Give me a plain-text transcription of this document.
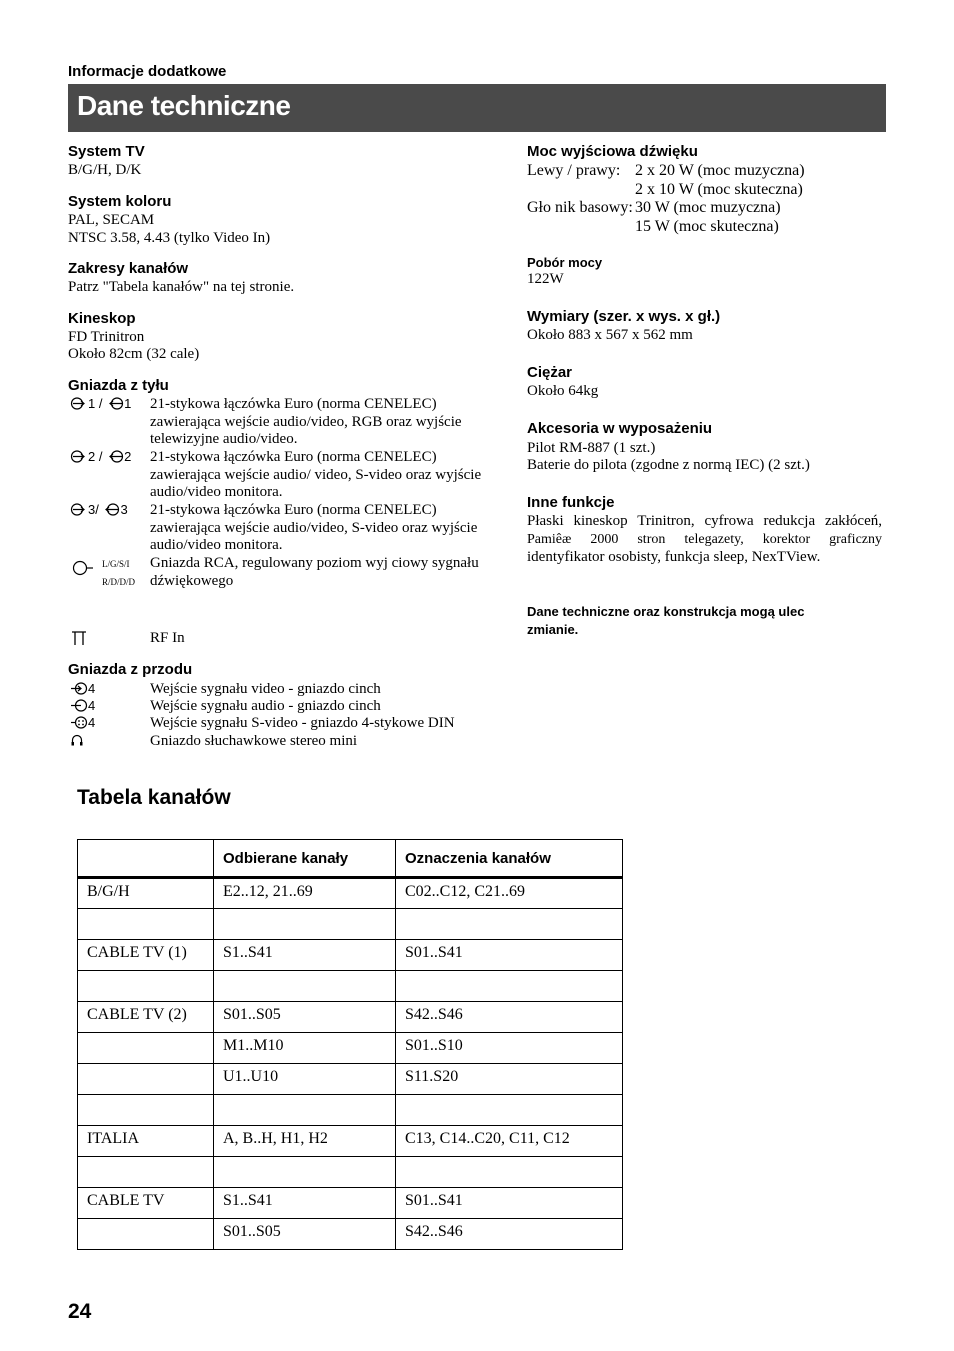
Informacje dodatkowe
Dane techniczne
System TV
B/G/H, D/K
System koloru
PAL, SECAM
NTSC 3.58, 4.43 (tylko Video In)
Zakresy kanałów
Patrz "Tabela kanałów" na tej stronie.
Kineskop
FD Trinitron
Około 82cm (32 cale)
Gniazda z tyłu
1 / 1 21-stykowa łączówka Euro (norma CENELEC) zawierająca wejście audio/video, RGB oraz wyjście telewizyjne audio/video.
2 / 2 21-stykowa łączówka Euro (norma CENELEC) zawierająca wejście audio/ video, S-video oraz wyjście audio/video monitora.
3/ 3 21-stykowa łączówka Euro (norma CENELEC) zawierająca wejście audio/video, S-video oraz wyjście audio/video monitora.
L/G/S/I
R/D/D/D
Gniazda RCA, regulowany poziom wyj ciowy sygnału dźwiękowego
RF In
Gniazda z przodu
4	Wejście sygnału video - gniazdo cinch
4	Wejście sygnału audio - gniazdo cinch
4	Wejście sygnału S-video - gniazdo 4-stykowe DIN
Gniazdo słuchawkowe stereo mini
Moc wyjściowa dźwięku
Lewy / prawy: 2 x 20 W (moc muzyczna)
2 x 10 W (moc skuteczna)
Gło nik basowy: 30 W (moc muzyczna)
15 W (moc skuteczna)
Pobór mocy
122W
Wymiary (szer. x wys. x gł.)
Około 883 x 567 x 562 mm
Ciężar
Około 64kg
Akcesoria w wyposażeniu
Pilot RM-887 (1 szt.)
Baterie do pilota (zgodne z normą IEC) (2 szt.)
Inne funkcje
Płaski kineskop Trinitron, cyfrowa redukcja zakłóceń,
Pamiêæ 2000 stron telegazety, korektor graficzny
identyfikator osobisty, funkcja sleep, NexTView.
Dane techniczne oraz konstrukcja mogą ulec zmianie.
Tabela kanałów
	Odbierane kanały	Oznaczenia kanałów
B/G/H	E2..12, 21..69	C02..C12, C21..69

CABLE TV (1)	S1..S41	S01..S41

CABLE TV (2)	S01..S05	S42..S46
	M1..M10	S01..S10
	U1..U10	S11.S20

ITALIA	A, B..H, H1, H2	C13, C14..C20, C11, C12

CABLE TV	S1..S41	S01..S41
	S01..S05	S42..S46
24
